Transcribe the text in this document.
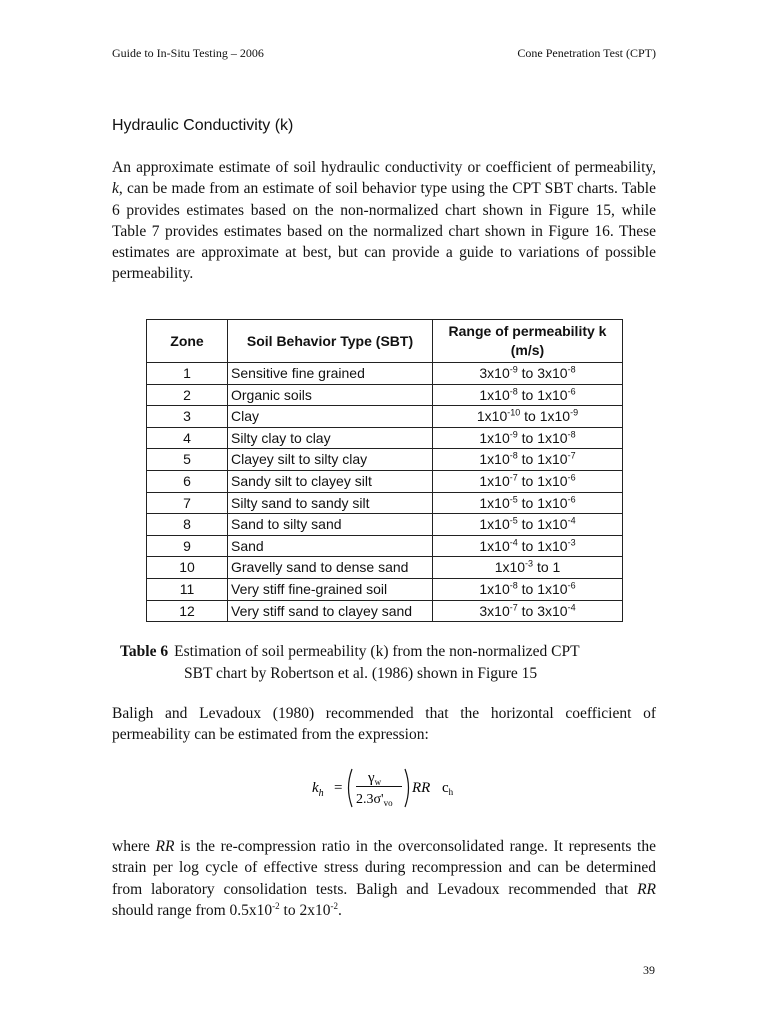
Guide to In-Situ Testing – 2006	Cone Penetration Test (CPT)
Hydraulic Conductivity (k)
An approximate estimate of soil hydraulic conductivity or coefficient of permeability, k, can be made from an estimate of soil behavior type using the CPT SBT charts. Table 6 provides estimates based on the non-normalized chart shown in Figure 15, while Table 7 provides estimates based on the normalized chart shown in Figure 16. These estimates are approximate at best, but can provide a guide to variations of possible permeability.
Zone	Soil Behavior Type (SBT)	Range of permeability k (m/s)
1	Sensitive fine grained	$3x10^{-9}$ to $3x10^{-8}$
2	Organic soils	$1x10^{-8}$ to $1x10^{-6}$
3	Clay	$1x10^{-10}$ to $1x10^{-9}$
4	Silty clay to clay	$1x10^{-9}$ to $1x10^{-8}$
5	Clayey silt to silty clay	$1x10^{-8}$ to $1x10^{-7}$
6	Sandy silt to clayey silt	$1x10^{-7}$ to $1x10^{-6}$
7	Silty sand to sandy silt	$1x10^{-5}$ to $1x10^{-6}$
8	Sand to silty sand	$1x10^{-5}$ to $1x10^{-4}$
9	Sand	$1x10^{-4}$ to $1x10^{-3}$
10	Gravelly sand to dense sand	$1x10^{-3}$ to 1
11	Very stiff fine-grained soil	$1x10^{-8}$ to $1x10^{-6}$
12	Very stiff sand to clayey sand	$3x10^{-7}$ to $3x10^{-4}$
Table 6 Estimation of soil permeability (k) from the non-normalized CPT
SBT chart by Robertson et al. (1986) shown in Figure 15
Baligh and Levadoux (1980) recommended that the horizontal coefficient of permeability can be estimated from the expression:
$k_h$ =
$\gamma_w$
$2.3\sigma'_{vo}$
RR $c_h$
where RR is the re-compression ratio in the overconsolidated range. It represents the strain per log cycle of effective stress during recompression and can be determined from laboratory consolidation tests. Baligh and Levadoux recommended that RR should range from $0.5x10^{-2}$ to $2x10^{-2}$.
39
